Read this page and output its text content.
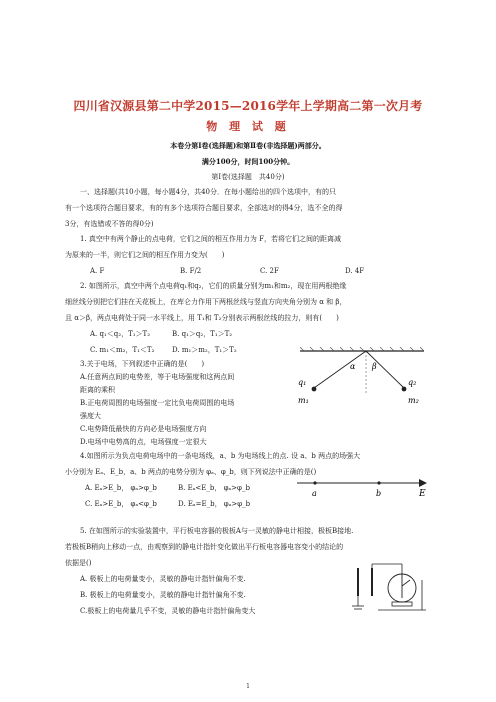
四川省汉源县第二中学2015—2016学年上学期高二第一次月考
物 理 试 题
本卷分第Ⅰ卷(选择题)和第Ⅱ卷(非选择题)两部分。
满分100分，时间100分钟。
第Ⅰ卷(选择题　共40分)
一、选择题(共10小题，每小题4分，共40分．在每小题给出的四个选项中，有的只
有一个选项符合题目要求，有的有多个选项符合题目要求，全部选对的得4分，选不全的得
3分，有选错或不答的得0分)
1. 真空中有两个静止的点电荷，它们之间的相互作用力为 F，若将它们之间的距离减
为原来的一半，则它们之间的相互作用力变为(　　)
A. F	B. F/2	C. 2F	D. 4F
2. 如图所示，真空中两个点电荷q₁和q₂，它们的质量分别为m₁和m₂，现在用两根绝缘
细丝线分别把它们挂在天花板上，在库仑力作用下两根丝线与竖直方向夹角分别为 α 和 β，
且 α＞β，两点电荷处于同一水平线上，用 T₁和 T₂分别表示两根丝线的拉力，则有(　　)
A. q₁＜q₂，T₁＞T₂	B. q₁＞q₂，T₁＞T₂
C. m₁＜m₂，T₁＜T₂	D. m₁＞m₂，T₁＞T₂
3.关于电场，下列叙述中正确的是(　　)
A.任意两点间的电势差，等于电场强度和这两点间
距离的乘积
B.正电荷周围的电场强度一定比负电荷周围的电场
强度大
C.电势降低最快的方向必是电场强度方向
D.电场中电势高的点，电场强度一定很大
α β
q₁	q₂
m₁	m₂
4.如图所示为负点电荷电场中的一条电场线，a、b 为电场线上的点. 设 a、b 两点的场强大
小分别为 Eₐ、E_b，a、b 两点的电势分别为 φₐ、φ_b，则下列说法中正确的是()
A. Eₐ>E_b， φₐ>φ_b	B. Eₐ<E_b， φₐ>φ_b
C. Eₐ>E_b， φₐ<φ_b	D. Eₐ=E_b， φₐ>φ_b
a	b	E
5. 在如图所示的实验装置中，平行板电容器的极板A与一灵敏的静电计相接，极板B接地.
若极板B稍向上移动一点，由观察到的静电计指针变化做出平行板电容器电容变小的结论的
依据是()
A. 极板上的电荷量变小，灵敏的静电计指针偏角不变.
B. 极板上的电荷量变小，灵敏的静电计指针偏角不变.
C.极板上的电荷量几乎不变，灵敏的静电计指针偏角变大
1
